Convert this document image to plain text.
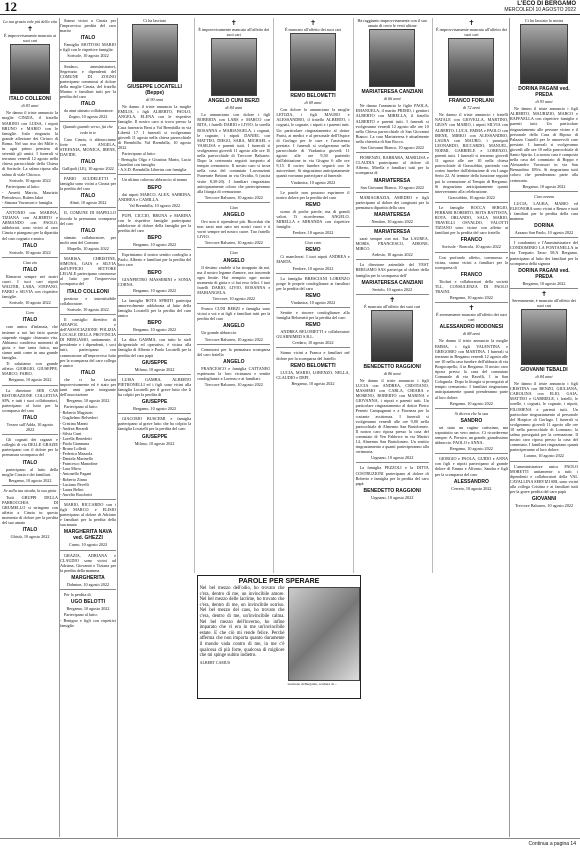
12	L'ECO DI BERGAMO
MERCOLEDÌ 10 AGOSTO 2022
La tua grazia vale più della vita
✝

È improvvisamente mancato ai suoi cari

ITALO COLLEONI
di 83 anni

Ne danno il triste annuncio la moglie CINZIA, il fratello MARINO con LUISA, i nipoti BRUNO e MARIO con le famiglie. Italo ringrazia la grande affezione dei Ciriaco di Roma. Nel suo riso dei Mille e, in ogni primo pensiero di serenità gli amici. I funerali si terranno venerdì 12 agosto nella chiesa parrocchiale della Chiesa di Sorisole. La salma riposa alla salma di viale Chiosco.

Sorisole, 10 agosto 2022

Partecipano al lutto:

- Arnetti Marcia, Maurizio Pietrafesco, Ruben Jakei
- Simona Vavassori e famiglia

ANTONIO con MARINA, TIZIANA con ALBERTO e ARMANDO con PAOLO, addolorati, sono vicini al caro Cinzia e piangono per la dipartita del caro cognato e amico

ITALO

Sorisole, 10 agosto 2022

Ciao zio
ITALO

Rimarrai sempre nei nostri cuori. I tuoi cari nipoti WALTER, LARA, STEFANO, FABIO e SILVIA con rispettive famiglie.

Sorisole, 10 agosto 2022

Caro
ITALO

caro amico d'infanzia, che insieme a noi hai fatto queste stupende viaggio chiamato vita. Abbiamo condiviso momenti di gioia e fare tanta fatica, ma siamo uniti come in una grande famiglia.

Ti salutiamo con grande affetto: GIORGIO, GIUSEPPE, MARCO, FABIO.

Bergamo, 10 agosto 2022

La direzione SER CAR RISTORAZIONE COLLETIVA SPA, e tutti i suoi collaboratori, partecipano al lutto per la scomparsa del caro

ITALO

Trezzo sull'Adda, 10 agosto 2022

Gli cognati dei ragazzi e colleghi di via DELLE GRAZIE partecipano con il dolore per la prematura scomparsa del

ITALO

partecipano al lutto della moglie Cinzia e dei familiari.

Bergamo, 10 agosto 2022

Se sulla tua strada, la tua gioia

Tutti GRUPPI DELLA PARROCCHIA DI GRUMELLO si stringono con affetto a Cinzia in questo momento di dolore per la perdita del suo amato

ITALO

Ghisiù, 10 agosto 2022

Siamo vicini a Cinzia per l'improvvisa perdita del caro marito

ITALO

Famiglia MOTTOSI MARIO e figli con le rispettive famiglie.

Sorisole, 10 agosto 2022

Sindaco, amministratori, Segretario e dipendenti del COMUNE DI ZOGNO partecipano commossi al dolore della moglie Cinzia, del fratello Marino e familiari tutti per la perdita del caro

ITALO

da anni stimato collaboratore.

Zogno, 10 agosto 2022

Quando guardo verso, fai che veda in te

Caro Cinzia, ti abbracciamo forte con ANGELA, STEFANIA, MONICA, IRENE, DAVIDE.

ITALO

Gallipoli (LE), 10 agosto 2022

FABIO SCUDELETTI e famiglia sono vicini a Cinzia per la perdita del caro

ITALO

Almè, 10 agosto 2022

IL COMUNE DI MAPELLO ricorda la prematura scomparsa del caro

ITALO

stimato collaboratore, per molti anni del Comune.

Mapello, 10 agosto 2022

MARISA, CHRISTINE, SIMONA, GAIA e SILVIA dell'UFFICIO SETTORE LEGALE partecipano commosse al lutto per l'improvvisa scomparsa del

ITALO COLLEONI

prezioso e insostituibile collaboratore.

Sorisole, 10 agosto 2022

Il consiglio direttivo di AIEAPOL e dell'ASSOCIAZIONE POLIZIA LOCALE DELLA PROVINCIA DI BERGAMO, unitamente, il presidente e i dipendenti, i soci tutti, partecipano con commozione all'improvviso lutto per la scomparsa del caro collega e amico

ITALO

che ci ha lasciati improvvisamente ed è stato per tanti anni parte integrante dell'associazione

Bergamo, 10 agosto 2022

Partecipano al lutto:

- Roberto Magistris
- Guglielmo Belvederi
- Cristina Manni
- Andrea Berardi
- Silvia Cuni
- Lorella Benedetti
- Paola Giannuna
- Bruno Lolletti
- Federica Mazzola
- Daniela Marinello
- Francesco Manodine
- Lara Mirra
- Antonello Pagani
- Roberto Zinna
- Luciano Pavelli
- Laura Belini
- Aurelio Bacchetti

MARIO, RICCARDO con i figli MARCO e ELISIO partecipano al dolore di Adriano e familiari per la perdita della sua amata

MARGHERITA NAVA ved. GHEZZI

Curno, 10 agosto 2022

GRAZIA, ADRIANA e CLAUDIO sono vicini ad Adriana, Giovanni e Tiziana per la perdita della mamma

MARGHERITA

Dalmine, 10 agosto 2022

Per la perdita di

UGO BELOTTI

Bergamo, 10 agosto 2022

Partecipano al lutto:

- Benigno e figli con rispettivi famiglie

Ci ha lasciato

GIUSEPPE LOCATELLI (Beppe)
di 90 anni

Ne danno il triste annuncio la moglie EMILIA, i figli ALBERTO, PAOLO, ANGELA, ELENA con le rispettive famiglie. Il nostro caro si trova presso la Casa funeraria Beni a Val Brembilla in via Libertà 17. I funerali si svolgeranno giovedì 11 agosto nella chiesa parrocchiale di Brembilla. Val Brembilla, 10 agosto 2022

Partecipano al lutto:

- Bertuglia Olga e Giustina Marin, Lucio Guardini con famiglia
- A.S.D. Brembilla Libertas con famiglia

Un ultimo caloroso abbraccio al nonno

BEPO

dai nipoti MARCO, ALEX, SABRINA, ANDREA e CAMILLA.

Val Brembilla, 10 agosto 2022

PUPI, CICCIO, BRUNA e MARINA con le rispettive famiglie partecipano addolorate al dolore della famiglia per la perdita del caro

BEPO

Bergamo, 10 agosto 2022

Esprimiamo il nostro sentito cordoglio a Paolo, Alberto e familiari per la perdita del loro caro

BEPO

GIANPIETRO MASSERINI e SONIA CORNA.

Bergamo, 10 agosto 2022

La famiglia ROTA SPIRITI partecipa amorevolmente addolorata al lutto della famiglia Locatelli per la perdita del caro amico

BEPO

Bergamo, 10 agosto 2022

La ditta GAMMA, con tutto lo staff dirigenziale ed operativo, è vicina alla famiglia di Alberto e Paolo Locatelli per la perdita del caro papà

GIUSEPPE

Milano, 10 agosto 2022

LUISA GAMBA, ALBERTO PIETRONELLI ed i figli sono vicini alla famiglia Locatelli per il grave lutto che li ha colpiti per la perdita di

GIUSEPPE

Bergamo, 10 agosto 2022

GIACOMO BUSCEMI e famiglia partecipano al grave lutto che ha colpito la famiglia Locatelli per la perdita del caro

GIUSEPPE

Milano, 10 agosto 2022

✝

È improvvisamente mancato all'affetto dei suoi cari

ANGELO CUNI BERZI
di 84 anni

Lo annunciano con dolore i figli ROBERTA con LARS e MARCO con RITA, i fratelli DARIO e LIVIO, la sorella ROSANNA e MARIANGELA, i cognati, le cognate, i nipoti DANIEL con MATTEO, DIEGO, SARA, MICHAEL e VASILISA e parenti tutti. I funerali si svolgeranno giovedì 11 agosto alle ore 10 nella parrocchiale di Treccore Balsareo. Dopo la cerimonia seguirà trasporto al tempio crematorio. Il nostro caro si trova nella casa del commiato Lavorazioni Funerarie Bettoni in via Orcidia, 6 (uscita visite 8,30-20). I familiari ringraziano anticipatamente coloro che parteciperanno alla liturgia di cremazione.

Treccore Balsareo, 10 agosto 2022

Ciao
ANGELO

Oro non ti ripenderai più. Ricordati che non sarai mai nato nei nostri cuori e ti vorrò sempre nel nostro cuore. Tuo fratello LIVIO.

Treccore Balsareo, 10 agosto 2022

Ciao
ANGELO

Il destino crudele ti ha strappato da noi, ma il nostro legame d'amore, ora trascende ogni limite. Hai riempito ogni nostro momento di gioia e ci hai reso felici. I tuoi fratelli DARIO, LIVIO, ROSANNA e MARIANGELA.

Treccore, 10 agosto 2022

Franco CUNI BERZI e famiglia sono vicini a voi e ai figli e familiari tutti per la perdita del caro

ANGELO

Un grande abbraccio.

Treccore Balsareo, 10 agosto 2022

Commossi per la prematura scomparsa del caro fratello

ANGELO

FRANCESCO e famiglia CATTANEO esprimono la loro vicinanza e sentite condoglianze a Lorenzo e ai familiari.

Treccore Balsareo, 10 agosto 2022

✝

È mancato all'affetto dei suoi cari

REMO BELOMETTI
di 69 anni

Con dolore lo annunciano la moglie LETIZIA, i figli MAURO e ALESSANDRO, il fratello ALBERTO, i cognati, le cognate, i nipoti e i parenti tutti. Un particolare ringraziamento al dottor Parisi, ai medici e al personale dell'Ospice di Gorlago per le cure e l'assistenza prestate. I funerali si svolgeranno nella parrocchiale di Viadanica giovedì 11 agosto alle ore 9,30 partendo dall'abitazione in via Giugno 6 alle ore 9,15. Il corteo funebre seguirà con le autovetture. Si ringraziano anticipatamente quanti vorranno partecipare al funerale.

Viadanica, 10 agosto 2022

Le parole non possono esprimere il nostro dolore per la perdita del caro

REMO

uomo di poche parole, ma di grandi valori. Ti ricorderemo. ANGELO, MIRELLA e MIRANDA con rispettive famiglie.

Fredore, 10 agosto 2022

Ciao caro
REMO

Ci mancherai. I tuoi nipoti ANDREA e MARTA.

Fredore, 10 agosto 2022

La famiglia BRESCIANI LORENZO porge le proprie condoglianze ai familiari per la perdita del caro

REMO

Viadanica, 10 agosto 2022

Sentite e sincere condoglianze alla famiglia Belometti per la perdita del caro

REMO

ANDREA BELOMETTI e collaboratori GUARNIMED S.R.L.

Credaro, 10 agosto 2022

Siamo vicini a Franca e familiari nel dolore per la scomparsa del fratello

REMO BELOMETTI

LUCIA, MARIO, LORENZO, NELLA, CLAUDIO e DEPI.

Bergamo, 10 agosto 2022

Ha raggiunto improvvisamente con il suo amato di certo le vesti ultime

MARIATERESA CANZIANI
di 66 anni

Ne danno l'annuncio le figlie PAOLA, EMANUELA, il marito PRIMO, i genitori ALBERTO con MIRELLA, il fratello ALBERTO e parenti tutti. I funerali si svolgeranno venerdì 12 agosto alle ore 10 nella Chiesa parrocchiale di San Giovanni Bianco. La cara Mariateresa è attualmente nella chiesetta di San Rocco.

San Giovanni Bianco, 10 agosto 2022

FIORENZO, BARBARA, MARILISA e CLAUDIA partecipano al dolore di Alberto, Mirella e familiari tutti per la scomparsa di

MARIATERESA

San Giovanni Bianco, 10 agosto 2022

MARIAGRAZIA, AMEDEO e figli partecipano al dolore dei congiunti per la prematura dipartita della cara

MARIATERESA

Nembro, 10 agosto 2022

MARIATERESA

sarai sempre con noi. Tua LAUREA, MORIS, FRANCESCO, AIRONE, MIRCO.

Ardesio, 10 agosto 2022

La direzione aziendale del VEST BERGAMO SAS partecipa al dolore della famiglia per la scomparsa dell'

MARIATERESA CANZIANI

Sertolo, 10 agosto 2022

✝

È mancato all'affetto dei suoi cari

BENEDETTO RAGGIONI
di 86 anni

Ne danno il triste annuncio i figli LUCIA con ANDREA, CRISTIANO, MASSIMO con CARLA, CHIARA e MORENO, ROBERTO con MARINA e GIOVANNA, i nipoti e parenti tutti. Un particolare ringraziamento al dottor Pietro Pesenti Campagnoni e a Fiorenza per la costante assistenza. I funerali si svolgeranno venerdì alle ore 9,00 nella parrocchiale di Almenno San Bartolomeo. Il nostro caro riposa presso la casa del commiato di Ven Fabbrice in via Martiri 14, Almenno San Bartolomeo. Un sentito ringraziamento a quanti parteciperanno alla cerimonia.

Urgnano, 10 agosto 2022

La famiglia PEZZOLI e la DITTA COSTRUZIONI partecipano al dolore di Roberto e famiglia per la perdita del caro papà

BENEDETTO RAGGIONI

Urgnano, 10 agosto 2022

✝

È improvvisamente mancato all'affetto dei suoi cari

FRANCO FORLANI
di 72 anni

Ne danno il triste annuncio i fratelli NATALE con GIOVELLA, MARTINO, GIUSY con MARIO, i nipoti SILVIA con ALBERTO, LUCA, EMMA e PAOLO con IRENE, MIRKO con ALESSANDRO, LAURA con MAURO, i pronipoti LEONARDO, RICCARDO, MANUEL, NOEMI, GABRIELE e LORENZO, parenti tutti. I funerali si terranno giovedì 11 agosto alle ore 10 nella chiesa parrocchiale di Grassobbio, partendo con corteo funebre dall'abitazione di via Lungo Serio 22. Al termine della funzione seguirà poi la cremazione al Tempio di Bergamo. Si ringraziano anticipatamente quanti interverranno alla celebrazione.

Grassobbio, 10 agosto 2022

Le famiglie ROCCA SERGIO, FERRARI ROBERTO, ROTA BATTISTA, ROTA ORLANDO, SALA MARIO, TRAVELLI OSVALDO, VALOTTI TIZIANO sono vicine con affetto ai familiari per la perdita del caro fratello

FRANCO

Sorisole - Roncola, 10 agosto 2022

Con profondo affetto, commosso e vicina, siamo vicini a familiari per la scomparsa di

FRANCO

Titolari e collaboratori della società TLL, CONSULENZA DI PAOLO TRAINI.

Bergamo, 10 agosto 2022

✝

È serenamente mancato all'affetto dei suoi cari

ALESSANDRO MODONESI
di 88 anni

Ne danno il triste annuncio la moglie EMMA, i figli VALENTINA e GREGORIO con MARTINA. I funerali si terranno in Bergamo venerdì 12 agosto alle ore 10 nella casa funebre dell'abbazia di via Borgocapello, 4 in Bergamo. Il nostro caro riposa presso la casa del commiato Comunale di via Ravelli, 1 in San Colognola. Dopo la liturgia si proseguirà al tempio crematorio. I familiari ringraziano anticipatamente quanti prenderanno parte al loro dolore.

Bergamo, 10 agosto 2022

Si diceva che la sua
SANDRO

sei stato un cugino carissimo, ma soprattutto un vero amico. Ci ricorderemo sempre. A. Pernice, un grande, grandissimo abbraccio. PAOLO e ANNA.

Bergamo, 10 agosto 2022

GIORGIO e PAOLA, GUIDO e ANNA con figli e nipoti partecipano al grande dolore di Emma e Alfonso, Sandra e figli per la scomparsa del caro

ALESSANDRO

Cerreto, 10 agosto 2022

PAROLE PER SPERARE

Nel bel mezzo dell'odio, ho trovato che c'era, dentro di me, un invincibile amore. Nel bel mezzo delle lacrime, ho trovato che c'era, dentro di me, un invincibile sorriso. Nel bel mezzo del caos, ho trovato che c'era, dentro di me, un'invincibile calma. Nel bel mezzo dell'inverno, ho infine imparato che vi era in me un'invincibile estate. E che ciò mi rende felice. Perché afferma che non importa quanto duramente il mondo vada contro di me, in me c'è qualcosa di più forte, qualcosa di migliore che mi spinge subito indietro.

ALBERT CAMUS

Gestione di Bergamo, scultura di ...

Ci ha lasciato la nostra

DORINA PAGANI ved. PREDA
di 93 anni

Ne danno il triste annuncio i figli ALBERTO, MAURIZIO, MARCO e RAFFAELLA con rispettive famiglie e parenti tutti. Un particolare ringraziamento alle persone vicine e il personale della Casa di Riposo di Palazzo Castelli per le amorevoli cure prestate. I funerali si svolgeranno giovedì alle ore 10 nella parrocchiale di Santo Spirito. La nostra cara è composta nella casa del commiato di Boppo e Alessandro Vavassori in via San Bernardino 109/a. Si ringraziano tutti coloro che prenderanno parte alla cerimonia.

Bergamo, 10 agosto 2022

Ciao nonna

LUCIA, LAURA, MARIO ed ELEONORA sono vicini a Renzo e tutti i familiari per la perdita della cara mamma

DORINA

Azzano San Paolo, 10 agosto 2022

I condomini e l'Amministratore del CONDOMINIO LA FONTANELLA in via Torquato Tasso 50/A Bergamo, partecipano al lutto dei familiari per la scomparsa della signora

DORINA PAGANI ved. PREDA

Bergamo, 10 agosto 2022

✝

Serenamente, è mancato all'affetto dei suoi cari

GIOVANNI TEBALDI
di 84 anni

Ne danno il triste annuncio i figli CRISTINA con RENZO, GIULIANA, CAROLINA con ELIO, GAIA, MATTEO e GABRIELE, i fratelli, le sorelle, i cognati, le cognate, i nipoti, FILOMENA e parenti tutti. Un particolare ringraziamento al personale del Hospice di Gorlago. I funerali si svolgeranno giovedì 11 agosto alle ore 10 nella parrocchiale di Lomazzo, la salma proseguirà per la cremazione. Il nostro caro riposa presso la casa del commiato. I familiari ringraziano quanti parteciperanno al loro dolore.

Lurano, 10 agosto 2022

L'amministratore unico PAOLO MORETTI unitamente a tutti i dipendenti e collaboratori della VAL CAVALLINA SERVIZI SRL sono vicini alla collega Cristina e ai familiari tutti per la grave perdita del caro papà

GIOVANNI

Treccore Balsareo, 10 agosto 2022

Continua a pagina 14
